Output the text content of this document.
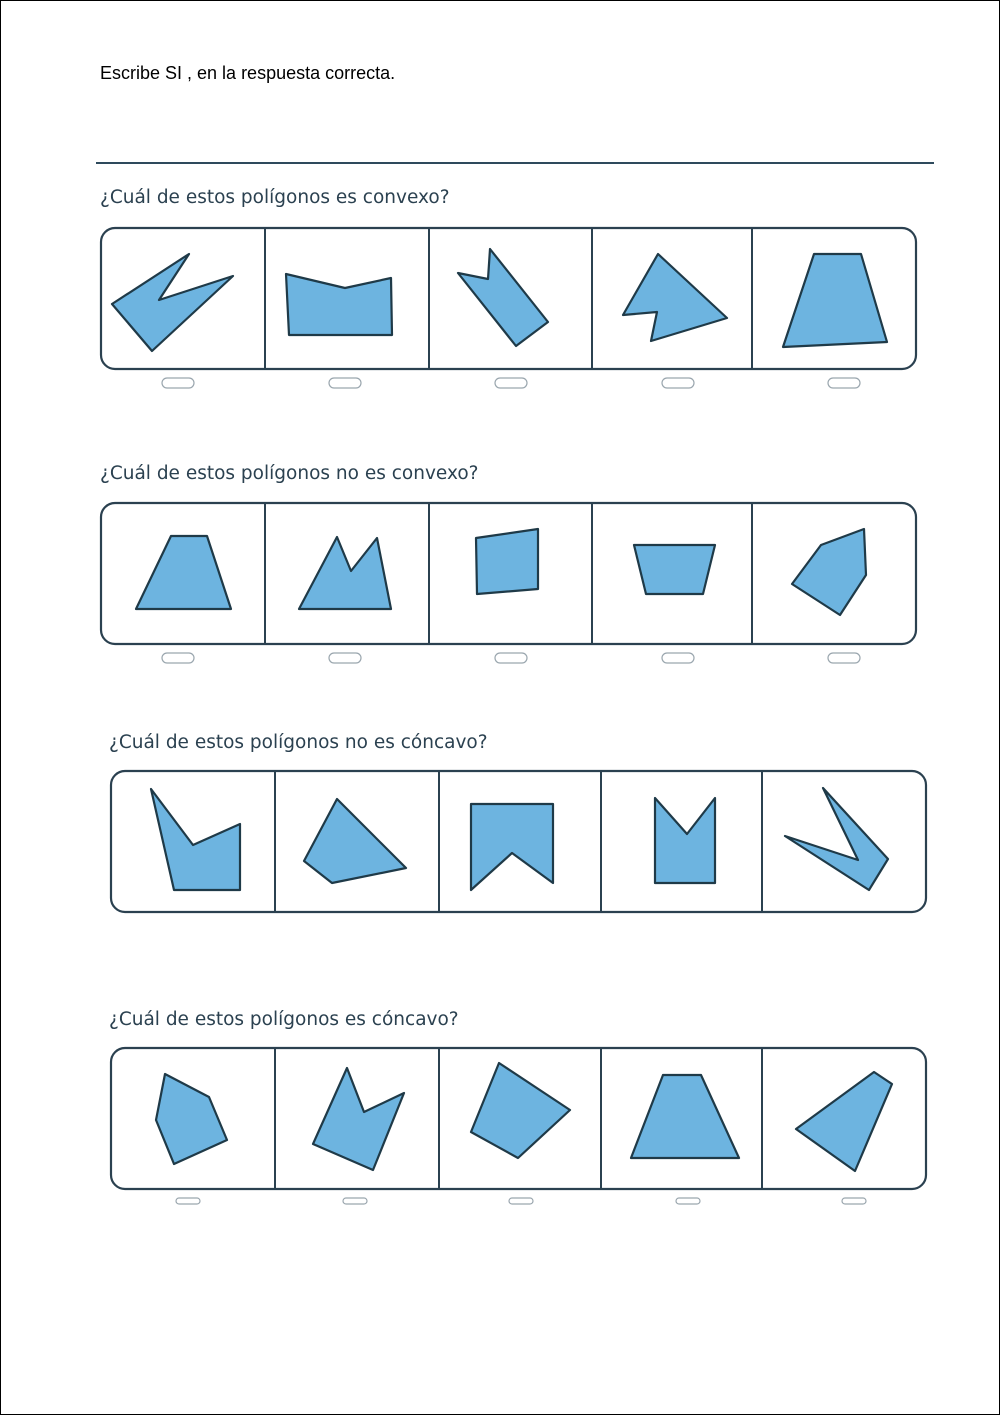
Escribe SI , en la respuesta correcta.
¿Cuál de estos polígonos es convexo?
¿Cuál de estos polígonos no es convexo?
¿Cuál de estos polígonos no es cóncavo?
¿Cuál de estos polígonos es cóncavo?
